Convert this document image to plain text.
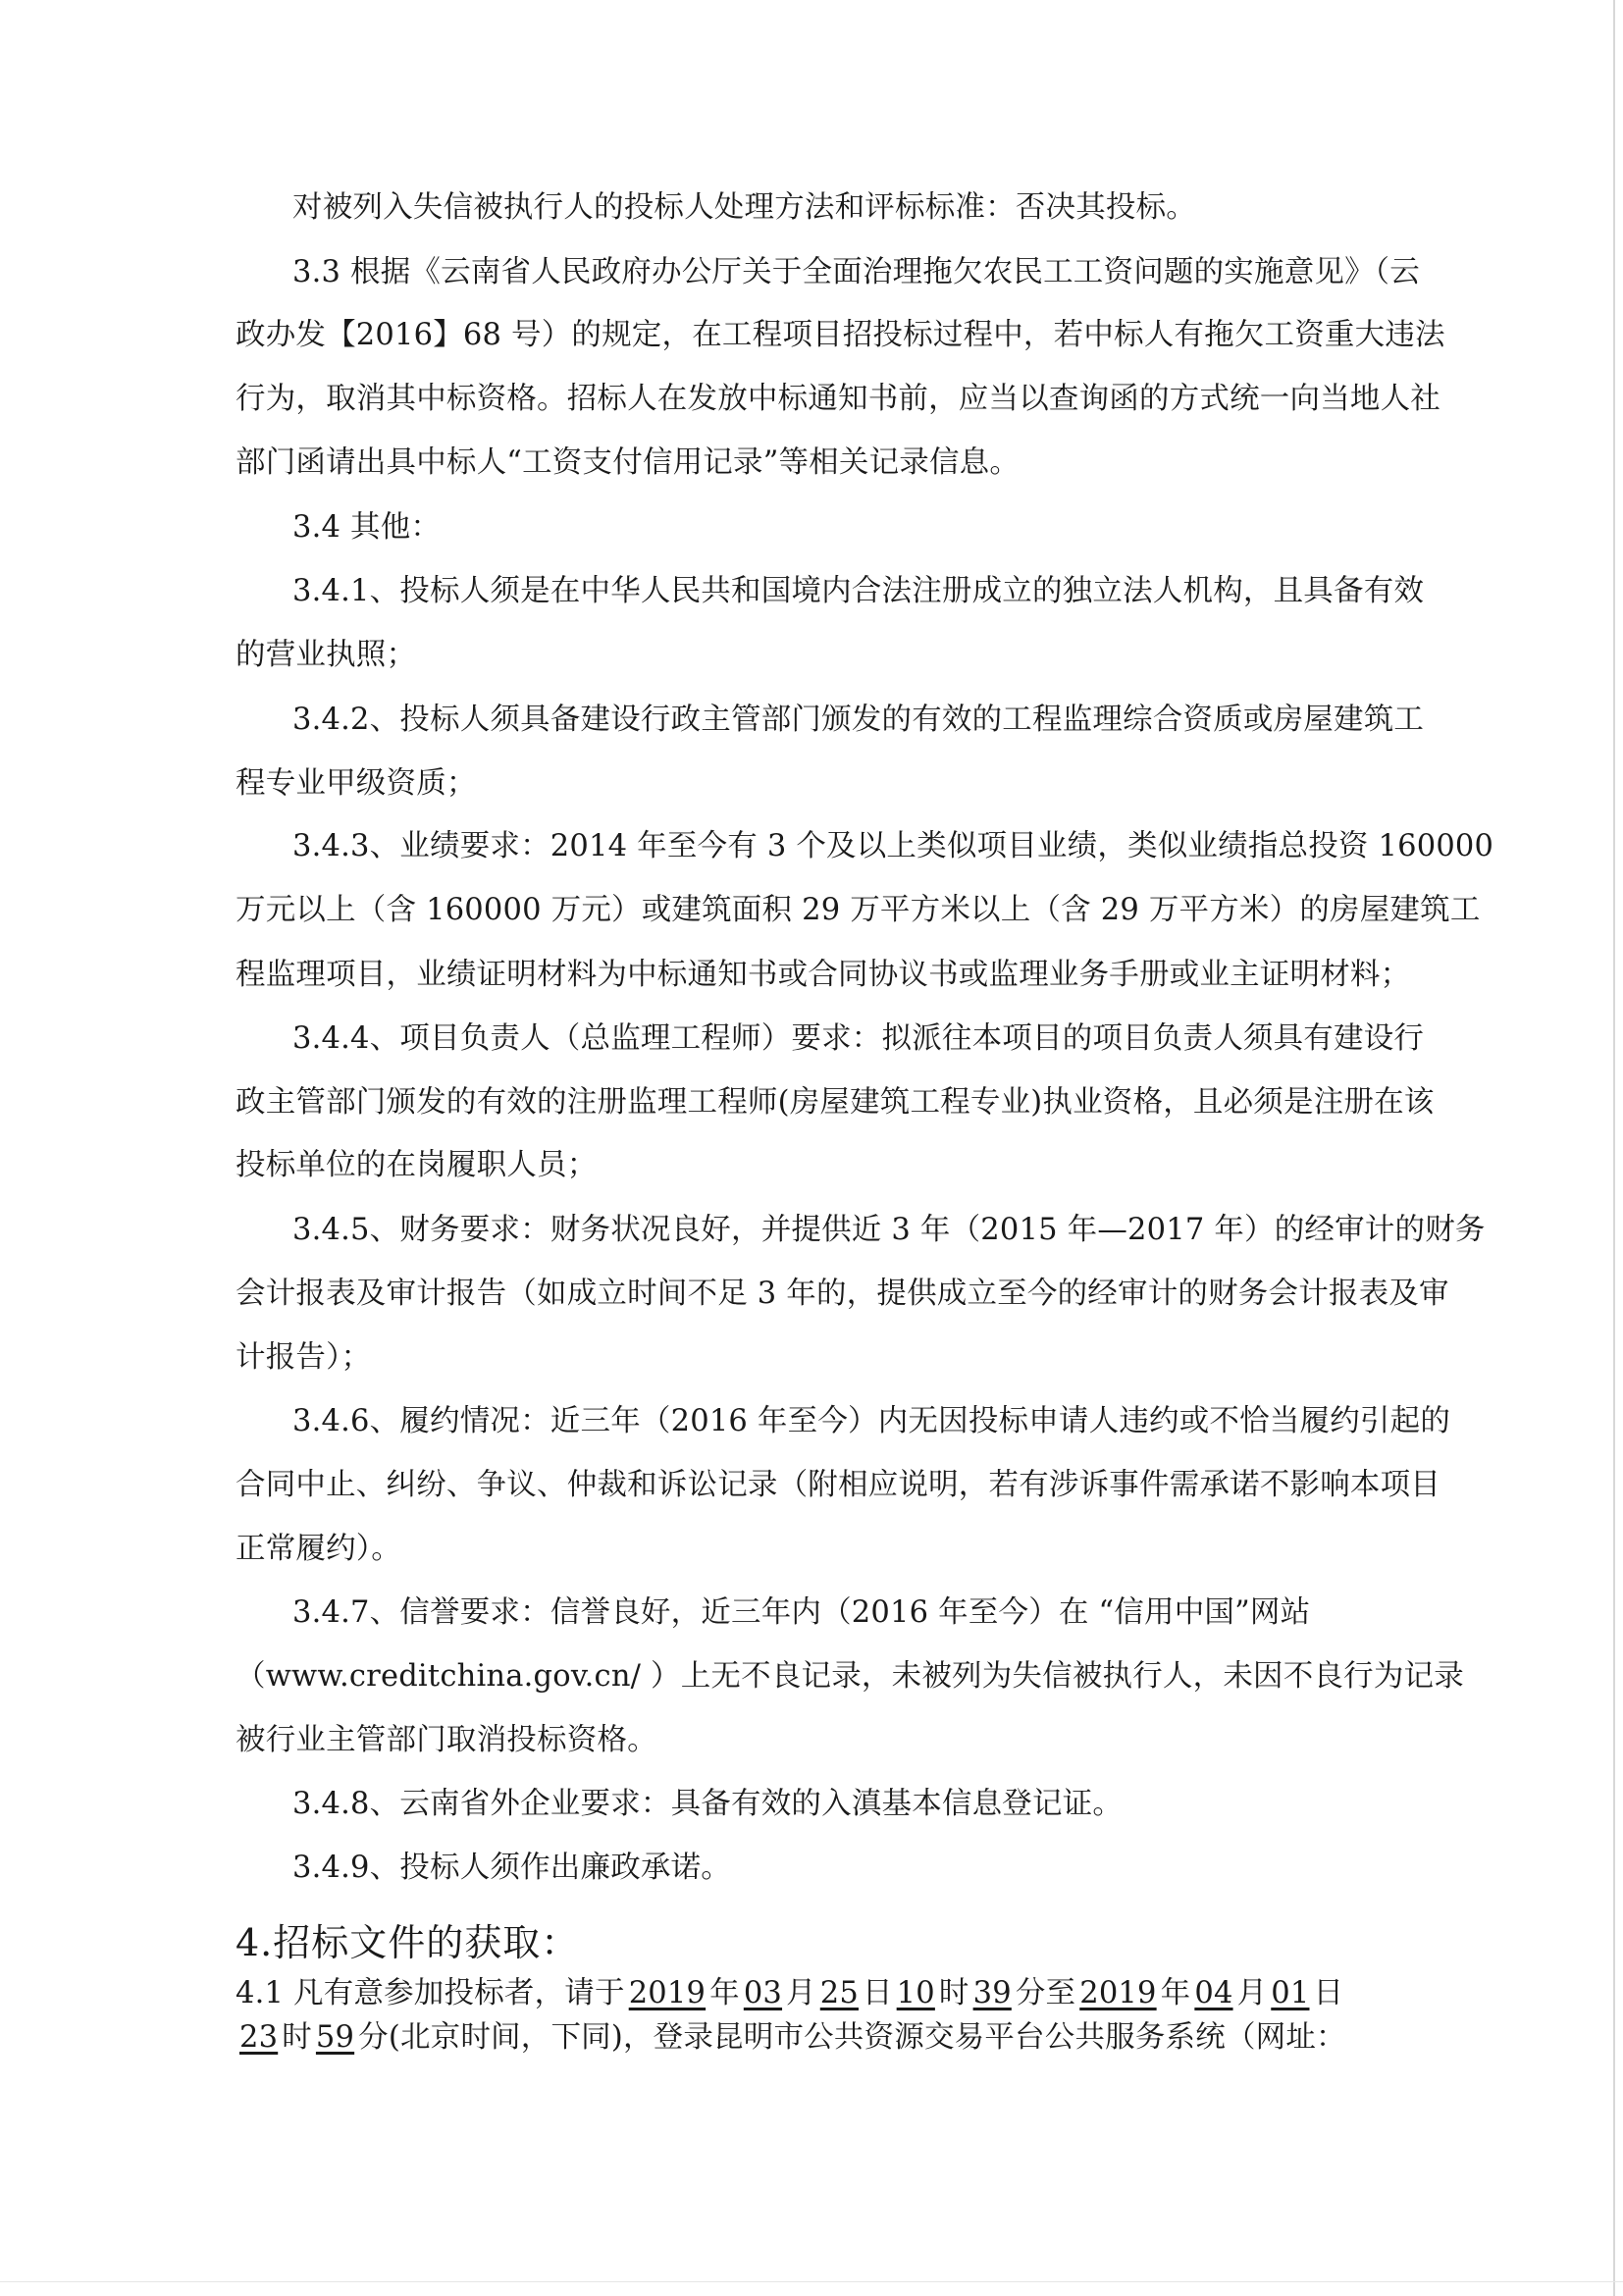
对被列入失信被执行人的投标人处理方法和评标标准：否决其投标。
3.3 根据《云南省人民政府办公厅关于全面治理拖欠农民工工资问题的实施意见》（云
政办发【2016】68 号）的规定，在工程项目招投标过程中，若中标人有拖欠工资重大违法
行为，取消其中标资格。招标人在发放中标通知书前，应当以查询函的方式统一向当地人社
部门函请出具中标人“工资支付信用记录”等相关记录信息。
3.4 其他：
3.4.1、投标人须是在中华人民共和国境内合法注册成立的独立法人机构，且具备有效
的营业执照；
3.4.2、投标人须具备建设行政主管部门颁发的有效的工程监理综合资质或房屋建筑工
程专业甲级资质；
3.4.3、业绩要求：2014 年至今有 3 个及以上类似项目业绩，类似业绩指总投资 160000
万元以上（含 160000 万元）或建筑面积 29 万平方米以上（含 29 万平方米）的房屋建筑工
程监理项目，业绩证明材料为中标通知书或合同协议书或监理业务手册或业主证明材料；
3.4.4、项目负责人（总监理工程师）要求：拟派往本项目的项目负责人须具有建设行
政主管部门颁发的有效的注册监理工程师(房屋建筑工程专业)执业资格，且必须是注册在该
投标单位的在岗履职人员；
3.4.5、财务要求：财务状况良好，并提供近 3 年（2015 年—2017 年）的经审计的财务
会计报表及审计报告（如成立时间不足 3 年的，提供成立至今的经审计的财务会计报表及审
计报告）；
3.4.6、履约情况：近三年（2016 年至今）内无因投标申请人违约或不恰当履约引起的
合同中止、纠纷、争议、仲裁和诉讼记录（附相应说明，若有涉诉事件需承诺不影响本项目
正常履约）。
3.4.7、信誉要求：信誉良好，近三年内（2016 年至今）在 “信用中国”网站
（www.creditchina.gov.cn/ ）上无不良记录，未被列为失信被执行人，未因不良行为记录
被行业主管部门取消投标资格。
3.4.8、云南省外企业要求：具备有效的入滇基本信息登记证。
3.4.9、投标人须作出廉政承诺。
4.招标文件的获取：
4.1 凡有意参加投标者，请于 2019 年 03 月 25 日 10 时 39 分至 2019 年 04 月 01 日
23 时 59 分(北京时间，下同)，登录昆明市公共资源交易平台公共服务系统（网址：
